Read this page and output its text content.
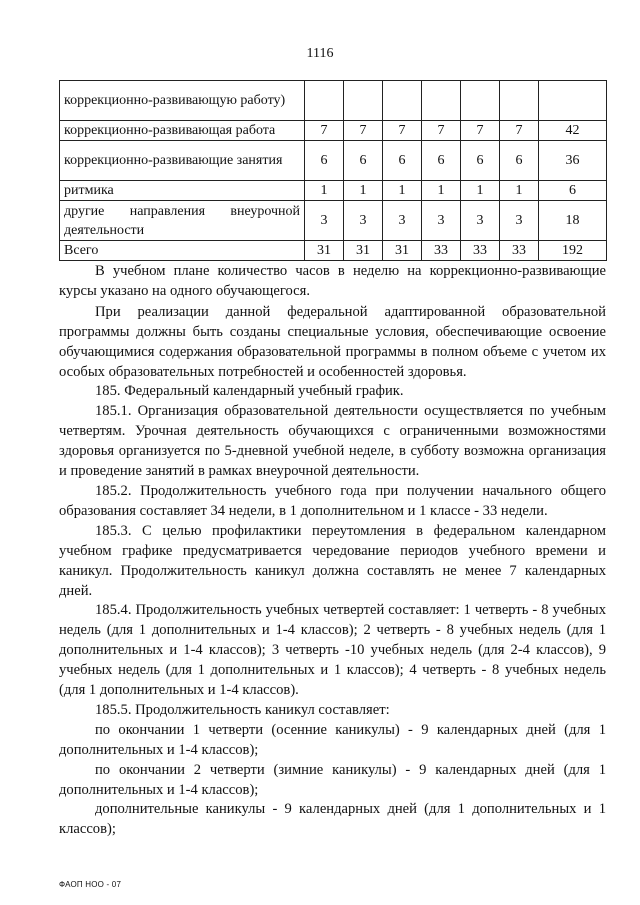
1116
коррекционно-развивающую работу)							
коррекционно-развивающая работа	7	7	7	7	7	7	42
коррекционно-развивающие занятия	6	6	6	6	6	6	36
ритмика	1	1	1	1	1	1	6
другие направления внеурочной деятельности	3	3	3	3	3	3	18
Всего	31	31	31	33	33	33	192

В учебном плане количество часов в неделю на коррекционно-развивающие курсы указано на одного обучающегося.

При реализации данной федеральной адаптированной образовательной программы должны быть созданы специальные условия, обеспечивающие освоение обучающимися содержания образовательной программы в полном объеме с учетом их особых образовательных потребностей и особенностей здоровья.

185. Федеральный календарный учебный график.

185.1. Организация образовательной деятельности осуществляется по учебным четвертям. Урочная деятельность обучающихся с ограниченными возможностями здоровья организуется по 5-дневной учебной неделе, в субботу возможна организация и проведение занятий в рамках внеурочной деятельности.

185.2. Продолжительность учебного года при получении начального общего образования составляет 34 недели, в 1 дополнительном и 1 классе - 33 недели.

185.3. С целью профилактики переутомления в федеральном календарном учебном графике предусматривается чередование периодов учебного времени и каникул. Продолжительность каникул должна составлять не менее 7 календарных дней.

185.4. Продолжительность учебных четвертей составляет: 1 четверть - 8 учебных недель (для 1 дополнительных и 1-4 классов); 2 четверть - 8 учебных недель (для 1 дополнительных и 1-4 классов); 3 четверть -10 учебных недель (для 2-4 классов), 9 учебных недель (для 1 дополнительных и 1 классов); 4 четверть - 8 учебных недель (для 1 дополнительных и 1-4 классов).

185.5. Продолжительность каникул составляет:

по окончании 1 четверти (осенние каникулы) - 9 календарных дней (для 1 дополнительных и 1-4 классов);

по окончании 2 четверти (зимние каникулы) - 9 календарных дней (для 1 дополнительных и 1-4 классов);

дополнительные каникулы - 9 календарных дней (для 1 дополнительных и 1 классов);

ФАОП НОО - 07
